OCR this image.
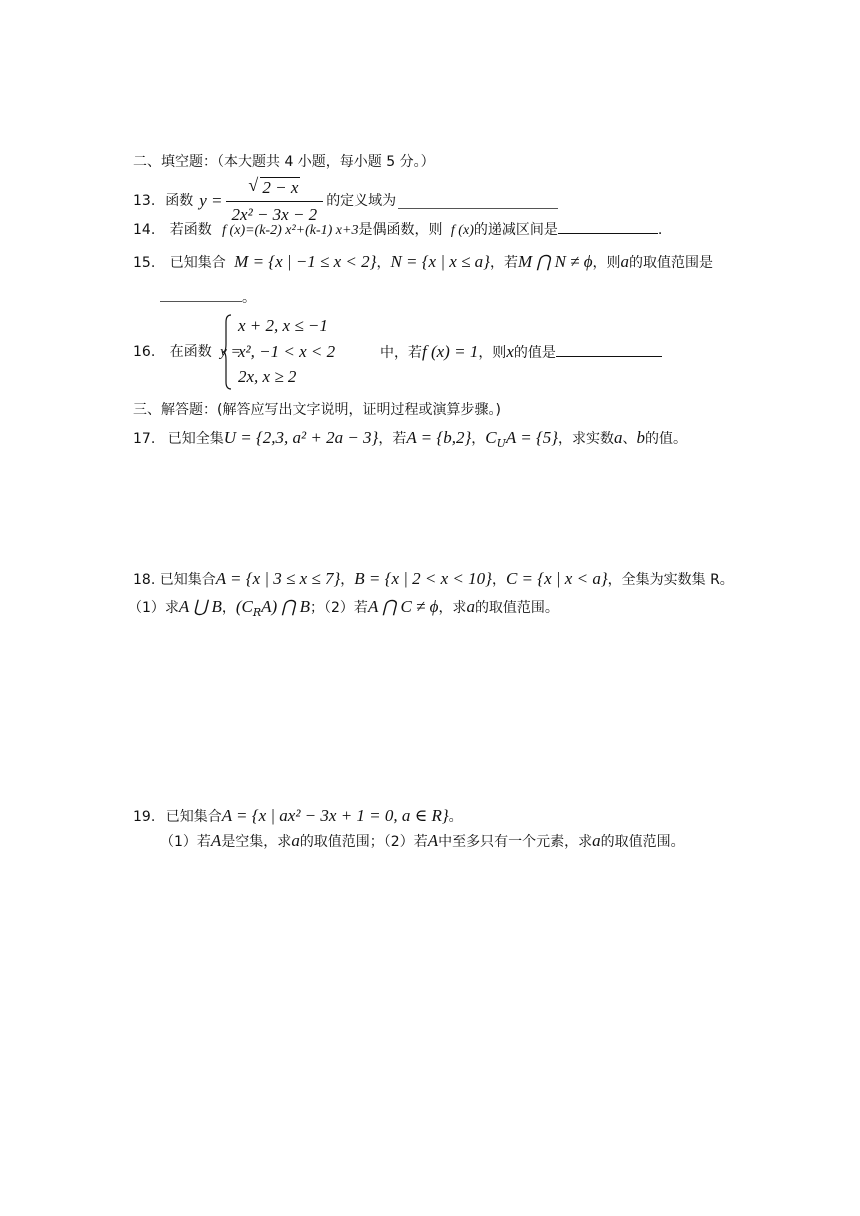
二、填空题：（本大题共 4 小题，每小题 5 分。）
13. 函数 $y = \frac{√ 2 - x}{\text{2x² − 3x − 2}}$ 的定义域为
14. 若函数 f (x)=(k-2) x²+(k-1) x+3是偶函数，则 f (x)的递减区间是	.
15. 已知集合 M = {x | −1 ≤ x < 2}，N = {x | x ≤ a}，若M ⋂ N ≠ ϕ，则a的取值范围是
。
16. 在函数 y =
x + 2, x ≤ −1
x², −1 < x < 2
2x, x ≥ 2
中，若f (x) = 1，则x的值是
三、解答题：(解答应写出文字说明，证明过程或演算步骤。)
17. 已知全集U = {2,3, a² + 2a − 3}，若A = {b,2}，$C_UA = \{5\}$，求实数a、b的值。
18. 已知集合A = {x | 3 ≤ x ≤ 7}，B = {x | 2 < x < 10}，C = {x | x < a}，全集为实数集 R。
（1）求A ⋃ B，$(C_RA)$ ⋂ B；（2）若A ⋂ C ≠ ϕ，求a的取值范围。
19. 已知集合A = {x | ax² − 3x + 1 = 0, a ∈ R}。
（1）若A是空集，求a的取值范围；（2）若A中至多只有一个元素，求a的取值范围。
